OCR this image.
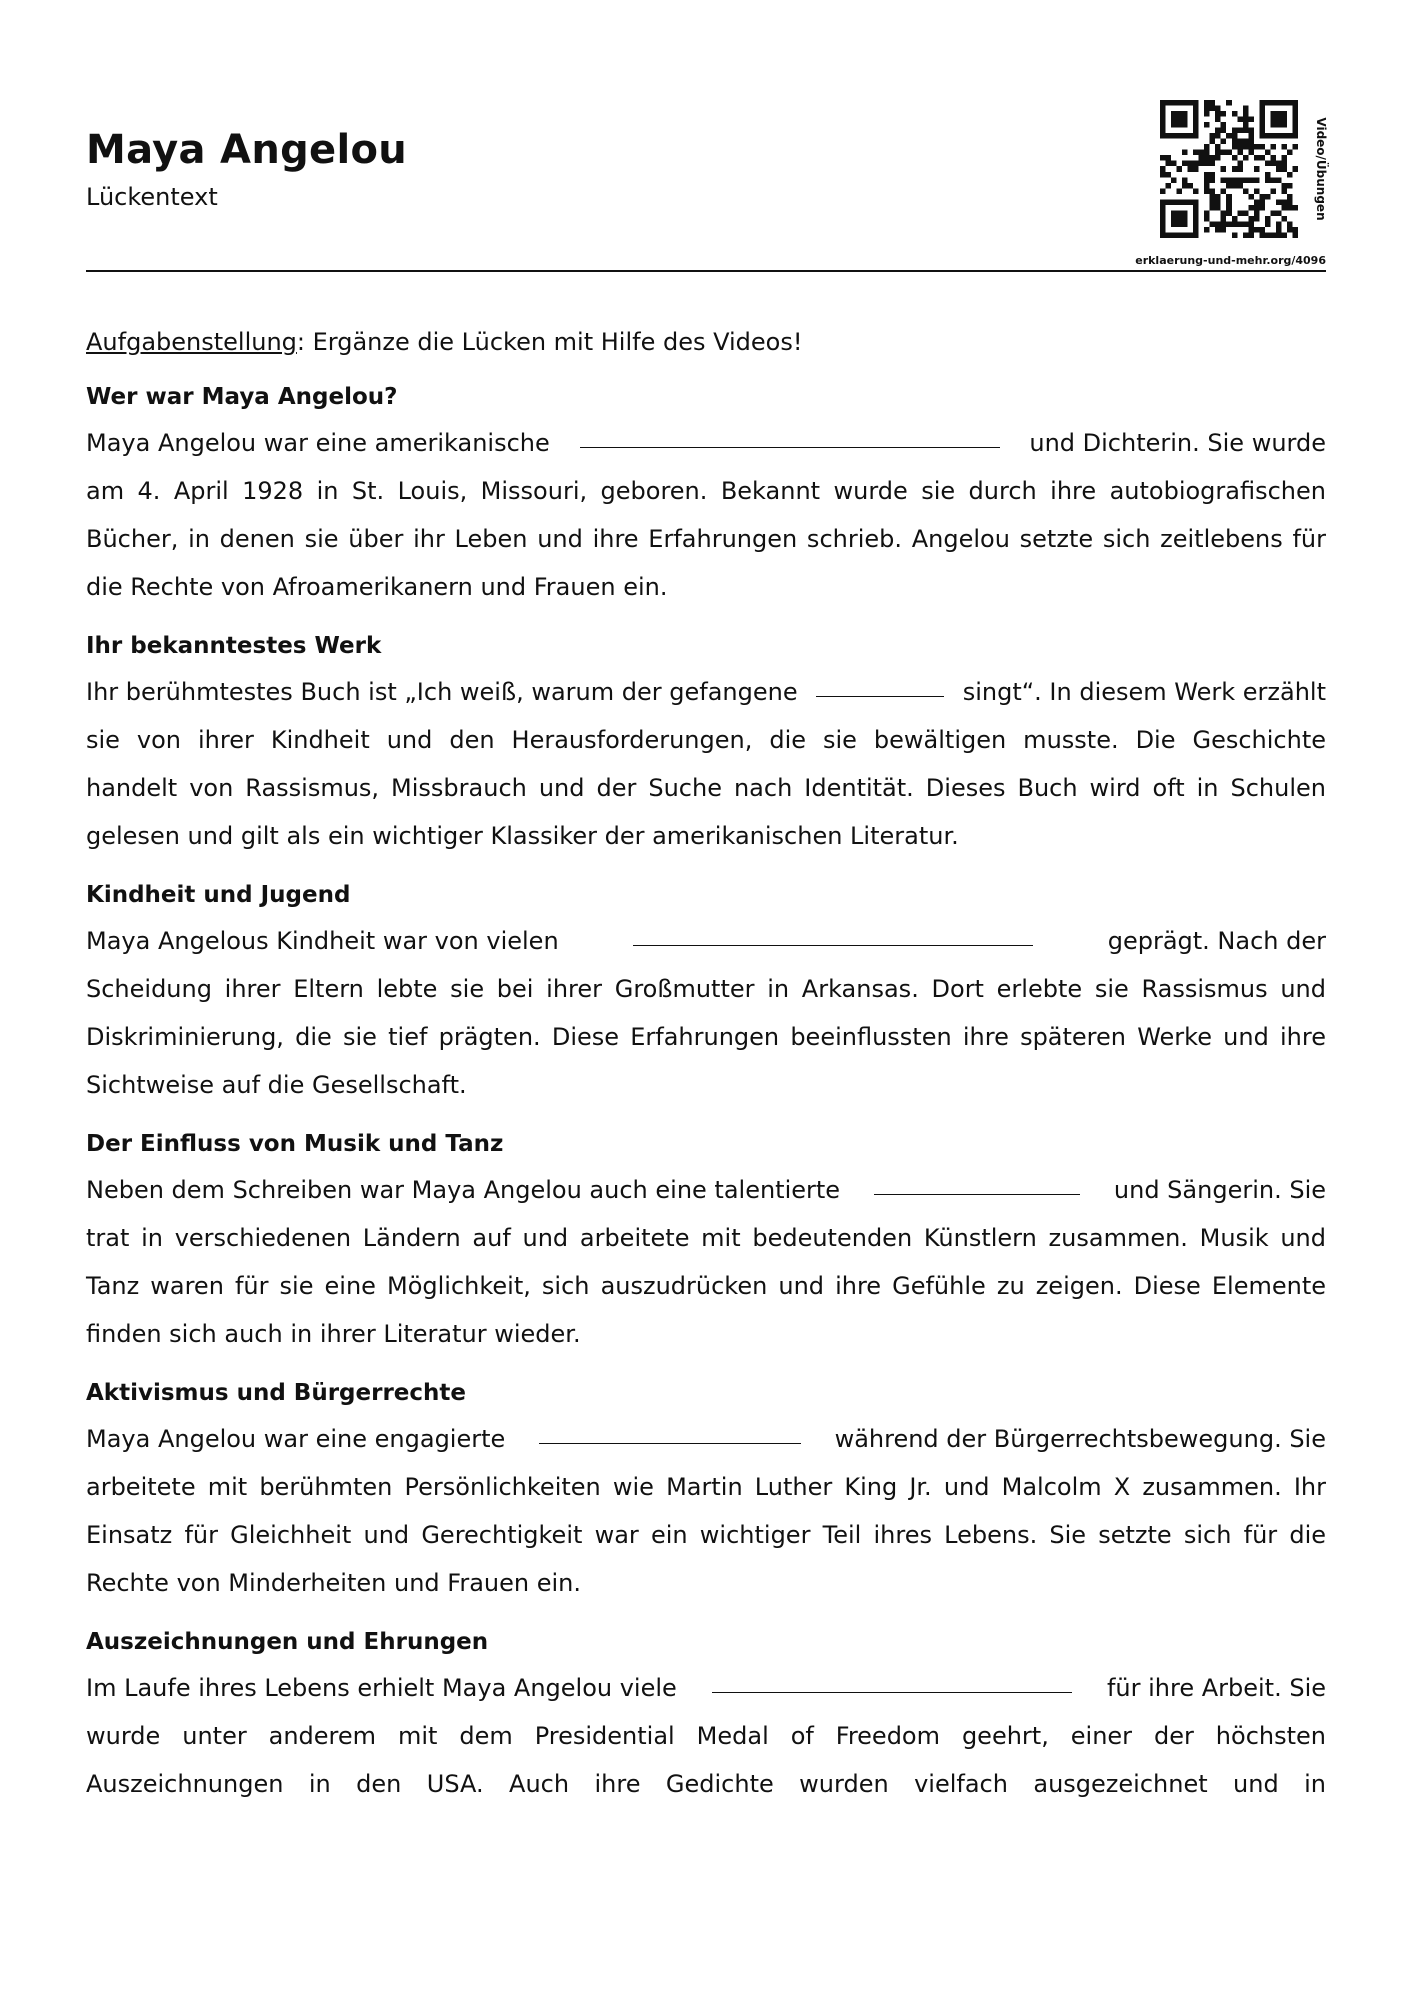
Maya Angelou
Lückentext	Video/Übungen
erklaerung-und-mehr.org/4096
Aufgabenstellung: Ergänze die Lücken mit Hilfe des Videos!
Wer war Maya Angelou?
Maya Angelou war eine amerikanische	und Dichterin. Sie wurde
am 4. April 1928 in St. Louis, Missouri, geboren. Bekannt wurde sie durch ihre autobiografischen
Bücher, in denen sie über ihr Leben und ihre Erfahrungen schrieb. Angelou setzte sich zeitlebens für
die Rechte von Afroamerikanern und Frauen ein.
Ihr bekanntestes Werk
Ihr berühmtestes Buch ist „Ich weiß, warum der gefangene	singt“. In diesem Werk erzählt
sie von ihrer Kindheit und den Herausforderungen, die sie bewältigen musste. Die Geschichte
handelt von Rassismus, Missbrauch und der Suche nach Identität. Dieses Buch wird oft in Schulen
gelesen und gilt als ein wichtiger Klassiker der amerikanischen Literatur.
Kindheit und Jugend
Maya Angelous Kindheit war von vielen	geprägt. Nach der
Scheidung ihrer Eltern lebte sie bei ihrer Großmutter in Arkansas. Dort erlebte sie Rassismus und
Diskriminierung, die sie tief prägten. Diese Erfahrungen beeinflussten ihre späteren Werke und ihre
Sichtweise auf die Gesellschaft.
Der Einfluss von Musik und Tanz
Neben dem Schreiben war Maya Angelou auch eine talentierte	und Sängerin. Sie
trat in verschiedenen Ländern auf und arbeitete mit bedeutenden Künstlern zusammen. Musik und
Tanz waren für sie eine Möglichkeit, sich auszudrücken und ihre Gefühle zu zeigen. Diese Elemente
finden sich auch in ihrer Literatur wieder.
Aktivismus und Bürgerrechte
Maya Angelou war eine engagierte	während der Bürgerrechtsbewegung. Sie
arbeitete mit berühmten Persönlichkeiten wie Martin Luther King Jr. und Malcolm X zusammen. Ihr
Einsatz für Gleichheit und Gerechtigkeit war ein wichtiger Teil ihres Lebens. Sie setzte sich für die
Rechte von Minderheiten und Frauen ein.
Auszeichnungen und Ehrungen
Im Laufe ihres Lebens erhielt Maya Angelou viele	für ihre Arbeit. Sie
wurde unter anderem mit dem Presidential Medal of Freedom geehrt, einer der höchsten
Auszeichnungen in den USA. Auch ihre Gedichte wurden vielfach ausgezeichnet und in
